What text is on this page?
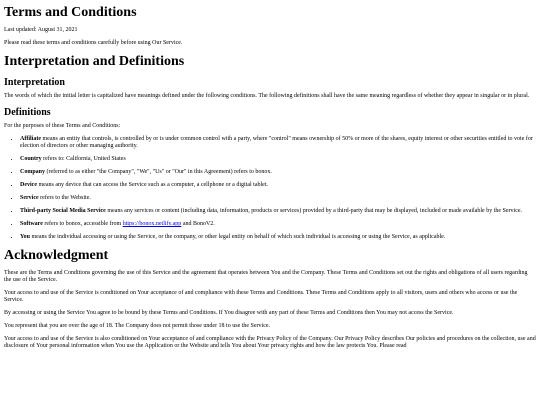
Terms and Conditions

Last updated: August 31, 2021

Please read these terms and conditions carefully before using Our Service.

Interpretation and Definitions
Interpretation

The words of which the initial letter is capitalized have meanings defined under the following conditions. The following definitions shall have the same meaning regardless of whether they appear in singular or in plural.

Definitions

For the purposes of these Terms and Conditions:

• Affiliate means an entity that controls, is controlled by or is under common control with a party, where "control" means ownership of 50% or more of the shares, equity interest or other securities entitled to vote for election of directors or other managing authority.
• Country refers to: California, United States
• Company (referred to as either "the Company", "We", "Us" or "Our" in this Agreement) refers to bonox.
• Device means any device that can access the Service such as a computer, a cellphone or a digital tablet.
• Service refers to the Website.
• Third-party Social Media Service means any services or content (including data, information, products or services) provided by a third-party that may be displayed, included or made available by the Service.
• Software refers to bonox, accessible from https://bonox.netlify.app and BonoV2.
• You means the individual accessing or using the Service, or the company, or other legal entity on behalf of which such individual is accessing or using the Service, as applicable.
Acknowledgment

These are the Terms and Conditions governing the use of this Service and the agreement that operates between You and the Company. These Terms and Conditions set out the rights and obligations of all users regarding the use of the Service.

Your access to and use of the Service is conditioned on Your acceptance of and compliance with these Terms and Conditions. These Terms and Conditions apply to all visitors, users and others who access or use the Service.

By accessing or using the Service You agree to be bound by these Terms and Conditions. If You disagree with any part of these Terms and Conditions then You may not access the Service.

You represent that you are over the age of 18. The Company does not permit those under 18 to use the Service.

Your access to and use of the Service is also conditioned on Your acceptance of and compliance with the Privacy Policy of the Company. Our Privacy Policy describes Our policies and procedures on the collection, use and disclosure of Your personal information when You use the Application or the Website and tells You about Your privacy rights and how the law protects You. Please read
